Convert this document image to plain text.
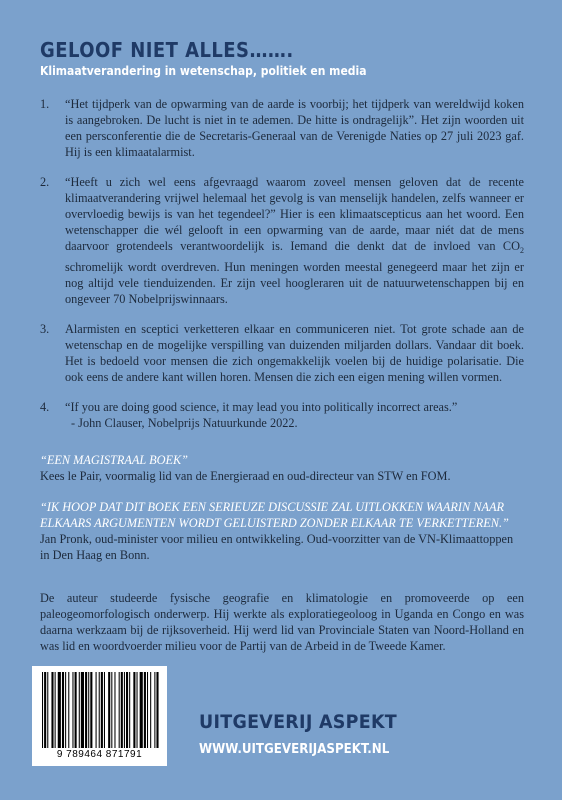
GELOOF NIET ALLES…….
Klimaatverandering in wetenschap, politiek en media
1.	“Het tijdperk van de opwarming van de aarde is voorbij; het tijdperk van wereldwijd koken is aangebroken. De lucht is niet in te ademen. De hitte is ondragelijk”. Het zijn woorden uit een persconferentie die de Secretaris-Generaal van de Verenigde Naties op 27 juli 2023 gaf. Hij is een klimaatalarmist.
2.	“Heeft u zich wel eens afgevraagd waarom zoveel mensen geloven dat de recente klimaatverandering vrijwel helemaal het gevolg is van menselijk handelen, zelfs wanneer er overvloedig bewijs is van het tegendeel?” Hier is een klimaatscepticus aan het woord. Een wetenschapper die wél gelooft in een opwarming van de aarde, maar niét dat de mens daarvoor grotendeels verantwoordelijk is. Iemand die denkt dat de invloed van $CO_2$ schromelijk wordt overdreven. Hun meningen worden meestal genegeerd maar het zijn er nog altijd vele tienduizenden. Er zijn veel hoogleraren uit de natuurwetenschappen bij en ongeveer 70 Nobelprijswinnaars.
3.	Alarmisten en sceptici verketteren elkaar en communiceren niet. Tot grote schade aan de wetenschap en de mogelijke verspilling van duizenden miljarden dollars. Vandaar dit boek. Het is bedoeld voor mensen die zich ongemakkelijk voelen bij de huidige polarisatie. Die ook eens de andere kant willen horen. Mensen die zich een eigen mening willen vormen.
4.	“If you are doing good science, it may lead you into politically incorrect areas.”
- John Clauser, Nobelprijs Natuurkunde 2022.
“EEN MAGISTRAAL BOEK”
Kees le Pair, voormalig lid van de Energieraad en oud-directeur van STW en FOM.
“IK HOOP DAT DIT BOEK EEN SERIEUZE DISCUSSIE ZAL UITLOKKEN WAARIN NAAR ELKAARS ARGUMENTEN WORDT GELUISTERD ZONDER ELKAAR TE VERKETTEREN.”
Jan Pronk, oud-minister voor milieu en ontwikkeling. Oud-voorzitter van de VN-Klimaattoppen in Den Haag en Bonn.
De auteur studeerde fysische geografie en klimatologie en promoveerde op een paleogeomorfologisch onderwerp. Hij werkte als exploratiegeoloog in Uganda en Congo en was daarna werkzaam bij de rijksoverheid. Hij werd lid van Provinciale Staten van Noord-Holland en was lid en woordvoerder milieu voor de Partij van de Arbeid in de Tweede Kamer.
9 789464 871791
UITGEVERIJ ASPEKT
WWW.UITGEVERIJASPEKT.NL
